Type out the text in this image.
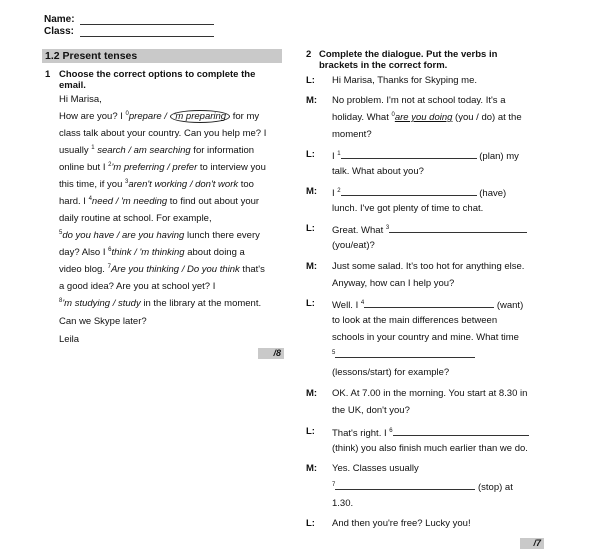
Name:
Class:
1.2 Present tenses
1 Choose the correct options to complete the
email.
Hi Marisa,
How are you? I $^0$prepare / 'm preparing for my
class talk about your country. Can you help me? I
usually $^1$ search / am searching for information
online but I $^2$'m preferring / prefer to interview you
this time, if you $^3$aren't working / don't work too
hard. I $^4$need / 'm needing to find out about your
daily routine at school. For example,
$^5$do you have / are you having lunch there every
day? Also I $^6$think / 'm thinking about doing a
video blog. $^7$Are you thinking / Do you think that's
a good idea? Are you at school yet? I
$^8$'m studying / study in the library at the moment.
Can we Skype later?
Leila
/8
2 Complete the dialogue. Put the verbs in
brackets in the correct form.
L: Hi Marisa, Thanks for Skyping me.
M: No problem. I'm not at school today. It's a
holiday. What $^0$are you doing (you / do) at the
moment?
L: I $^1$	(plan) my
talk. What about you?
M: I $^2$	(have)
lunch. I've got plenty of time to chat.
L: Great. What $^3$
(you/eat)?
M: Just some salad. It's too hot for anything else.
Anyway, how can I help you?
L: Well. I $^4$	(want)
to look at the main differences between
schools in your country and mine. What time
$^5$
(lessons/start) for example?
M: OK. At 7.00 in the morning. You start at 8.30 in
the UK, don't you?
L: That's right. I $^6$
(think) you also finish much earlier than we do.
M: Yes. Classes usually
$^7$	(stop) at
1.30.
L: And then you're free? Lucky you!
/7
